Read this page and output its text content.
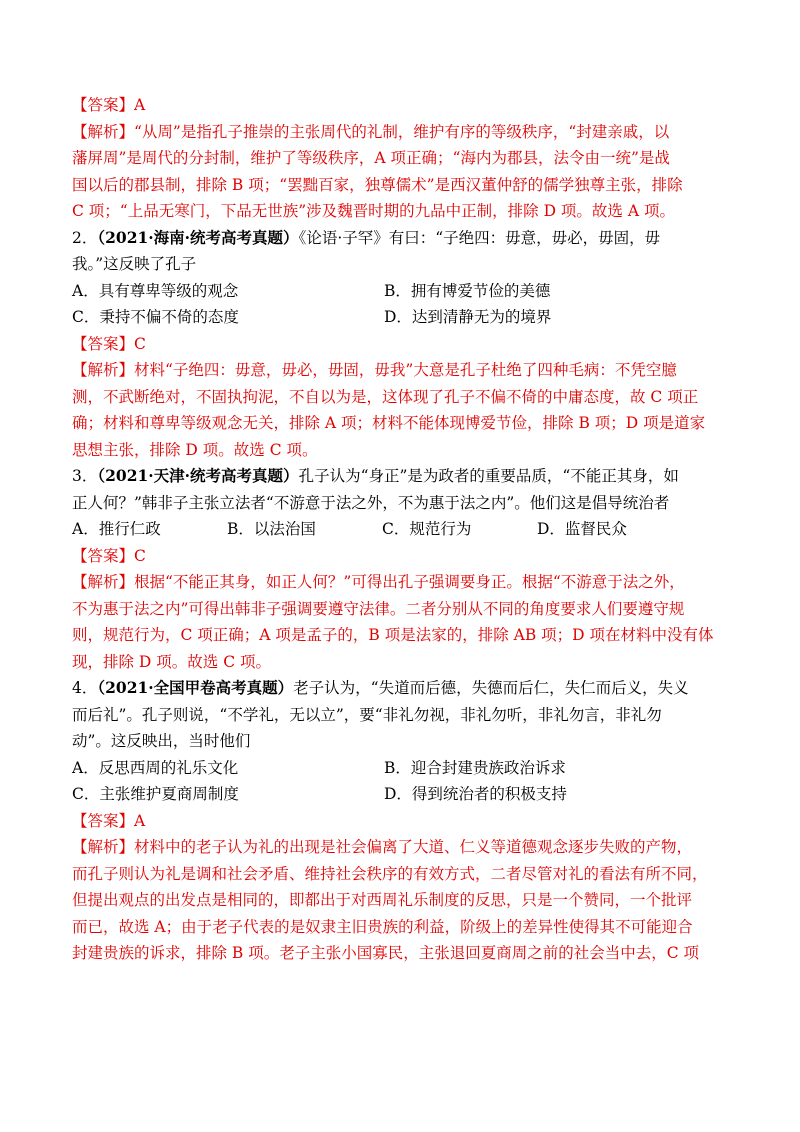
【答案】A
【解析】“从周”是指孔子推崇的主张周代的礼制，维护有序的等级秩序，“封建亲戚，以
藩屏周”是周代的分封制，维护了等级秩序，A 项正确；“海内为郡县，法令由一统”是战
国以后的郡县制，排除 B 项；“罢黜百家，独尊儒术”是西汉董仲舒的儒学独尊主张，排除
C 项；“上品无寒门，下品无世族”涉及魏晋时期的九品中正制，排除 D 项。故选 A 项。
2．（2021·海南·统考高考真题）《论语·子罕》有曰：“子绝四：毋意，毋必，毋固，毋
我。”这反映了孔子
A．具有尊卑等级的观念	B．拥有博爱节俭的美德
C．秉持不偏不倚的态度	D．达到清静无为的境界
【答案】C
【解析】材料“子绝四：毋意，毋必，毋固，毋我”大意是孔子杜绝了四种毛病：不凭空臆
测，不武断绝对，不固执拘泥，不自以为是，这体现了孔子不偏不倚的中庸态度，故 C 项正
确；材料和尊卑等级观念无关，排除 A 项；材料不能体现博爱节俭，排除 B 项；D 项是道家
思想主张，排除 D 项。故选 C 项。
3．（2021·天津·统考高考真题）孔子认为“身正”是为政者的重要品质，“不能正其身，如
正人何？”韩非子主张立法者“不游意于法之外，不为惠于法之内”。他们这是倡导统治者
A．推行仁政	B．以法治国	C．规范行为	D．监督民众
【答案】C
【解析】根据“不能正其身，如正人何？”可得出孔子强调要身正。根据“不游意于法之外，
不为惠于法之内”可得出韩非子强调要遵守法律。二者分别从不同的角度要求人们要遵守规
则，规范行为，C 项正确；A 项是孟子的，B 项是法家的，排除 AB 项；D 项在材料中没有体
现，排除 D 项。故选 C 项。
4．（2021·全国甲卷高考真题）老子认为，“失道而后德，失德而后仁，失仁而后义，失义
而后礼”。孔子则说，“不学礼，无以立”，要“非礼勿视，非礼勿听，非礼勿言，非礼勿
动”。这反映出，当时他们
A．反思西周的礼乐文化	B．迎合封建贵族政治诉求
C．主张维护夏商周制度	D．得到统治者的积极支持
【答案】A
【解析】材料中的老子认为礼的出现是社会偏离了大道、仁义等道德观念逐步失败的产物，
而孔子则认为礼是调和社会矛盾、维持社会秩序的有效方式，二者尽管对礼的看法有所不同，
但提出观点的出发点是相同的，即都出于对西周礼乐制度的反思，只是一个赞同，一个批评
而已，故选 A；由于老子代表的是奴隶主旧贵族的利益，阶级上的差异性使得其不可能迎合
封建贵族的诉求，排除 B 项。老子主张小国寡民，主张退回夏商周之前的社会当中去，C 项
